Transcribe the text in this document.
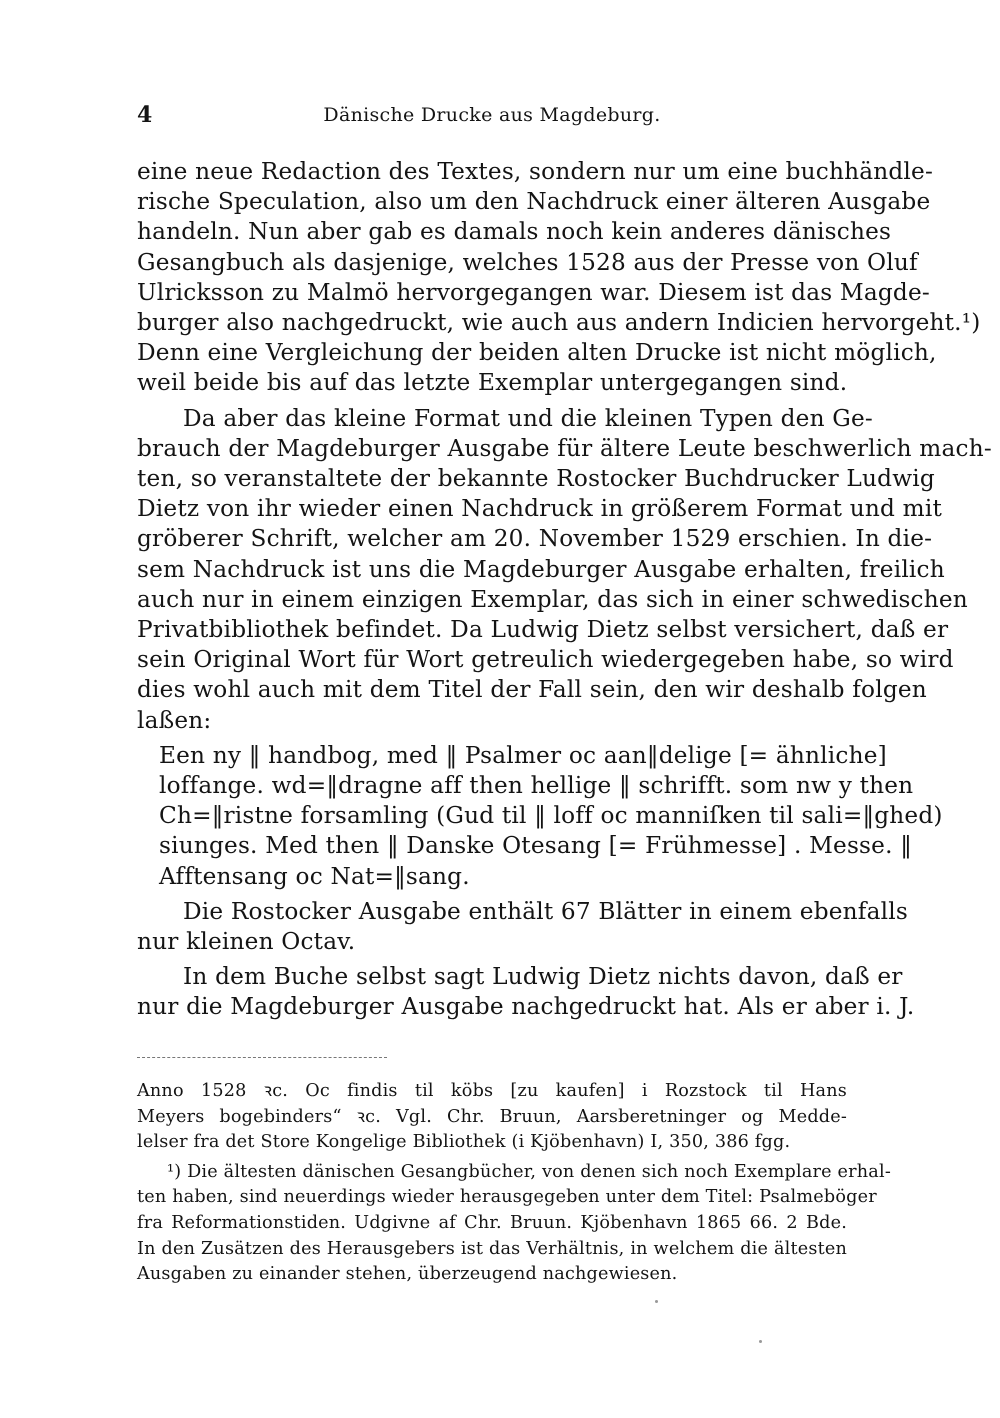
4	Dänische Drucke aus Magdeburg.
eine neue Redaction des Textes, sondern nur um eine buchhändle-
rische Speculation, also um den Nachdruck einer älteren Ausgabe
handeln. Nun aber gab es damals noch kein anderes dänisches
Gesangbuch als dasjenige, welches 1528 aus der Presse von Oluf
Ulricksson zu Malmö hervorgegangen war. Diesem ist das Magde-
burger also nachgedruckt, wie auch aus andern Indicien hervorgeht.¹)
Denn eine Vergleichung der beiden alten Drucke ist nicht möglich,
weil beide bis auf das letzte Exemplar untergegangen sind.
Da aber das kleine Format und die kleinen Typen den Ge-
brauch der Magdeburger Ausgabe für ältere Leute beschwerlich mach-
ten, so veranstaltete der bekannte Rostocker Buchdrucker Ludwig
Dietz von ihr wieder einen Nachdruck in größerem Format und mit
gröberer Schrift, welcher am 20. November 1529 erschien. In die-
sem Nachdruck ist uns die Magdeburger Ausgabe erhalten, freilich
auch nur in einem einzigen Exemplar, das sich in einer schwedischen
Privatbibliothek befindet. Da Ludwig Dietz selbst versichert, daß er
sein Original Wort für Wort getreulich wiedergegeben habe, so wird
dies wohl auch mit dem Titel der Fall sein, den wir deshalb folgen
laßen:
Een ny ‖ handbog, med ‖ Psalmer oc aan‖delige [= ähnliche]
loffange. wd=‖dragne aff then hellige ‖ schrifft. som nw y then
Ch=‖ristne forsamling (Gud til ‖ loff oc manniſken til sali=‖ghed)
siunges. Med then ‖ Danske Otesang [= Frühmesse] . Messe. ‖
Afftensang oc Nat=‖sang.
Die Rostocker Ausgabe enthält 67 Blätter in einem ebenfalls
nur kleinen Octav.
In dem Buche selbst sagt Ludwig Dietz nichts davon, daß er
nur die Magdeburger Ausgabe nachgedruckt hat. Als er aber i. J.
Anno 1528 ꝛc. Oc findis til köbs [zu kaufen] i Rozstock til Hans
Meyers bogebinders“ ꝛc. Vgl. Chr. Bruun, Aarsberetninger og Medde-
lelser fra det Store Kongelige Bibliothek (i Kjöbenhavn) I, 350, 386 fgg.
¹) Die ältesten dänischen Gesangbücher, von denen sich noch Exemplare erhal-
ten haben, sind neuerdings wieder herausgegeben unter dem Titel: Psalmeböger
fra Reformationstiden. Udgivne af Chr. Bruun. Kjöbenhavn 1865 66. 2 Bde.
In den Zusätzen des Herausgebers ist das Verhältnis, in welchem die ältesten
Ausgaben zu einander stehen, überzeugend nachgewiesen.
